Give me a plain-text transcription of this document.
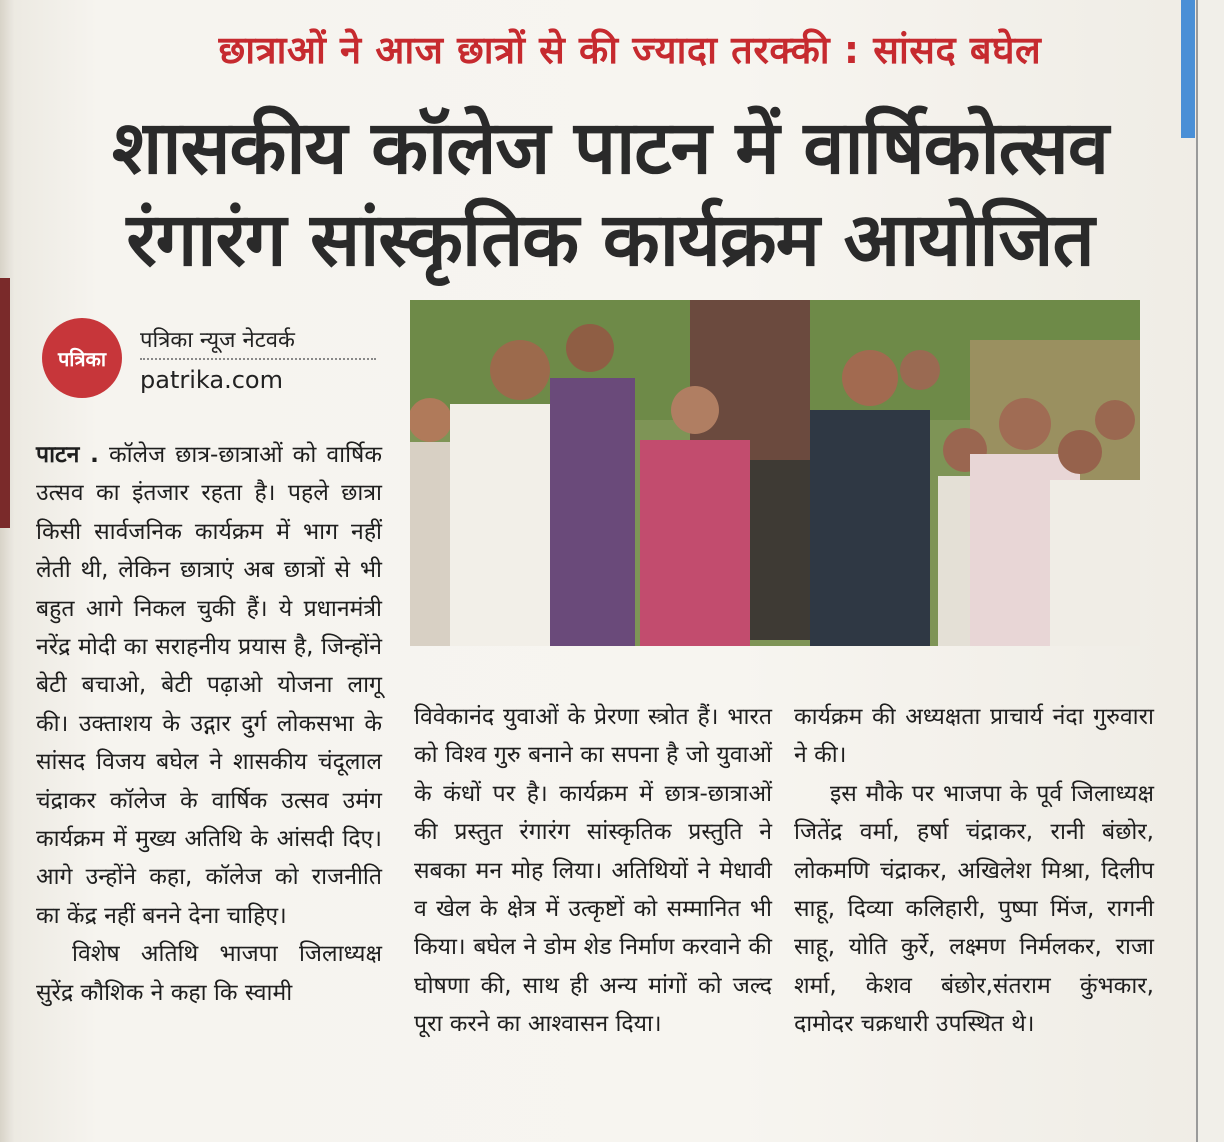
छात्राओं ने आज छात्रों से की ज्यादा तरक्की : सांसद बघेल
शासकीय कॉलेज पाटन में वार्षिकोत्सव
रंगारंग सांस्कृतिक कार्यक्रम आयोजित
पत्रिका
पत्रिका न्यूज नेटवर्क
patrika.com

पाटन . कॉलेज छात्र-छात्राओं को वार्षिक उत्सव का इंतजार रहता है। पहले छात्रा किसी सार्वजनिक कार्यक्रम में भाग नहीं लेती थी, लेकिन छात्राएं अब छात्रों से भी बहुत आगे निकल चुकी हैं। ये प्रधानमंत्री नरेंद्र मोदी का सराहनीय प्रयास है, जिन्होंने बेटी बचाओ, बेटी पढ़ाओ योजना लागू की। उक्ताशय के उद्गार दुर्ग लोकसभा के सांसद विजय बघेल ने शासकीय चंदूलाल चंद्राकर कॉलेज के वार्षिक उत्सव उमंग कार्यक्रम में मुख्य अतिथि के आंसदी दिए। आगे उन्होंने कहा, कॉलेज को राजनीति का केंद्र नहीं बनने देना चाहिए।

विशेष अतिथि भाजपा जिलाध्यक्ष सुरेंद्र कौशिक ने कहा कि स्वामी

विवेकानंद युवाओं के प्रेरणा स्त्रोत हैं। भारत को विश्व गुरु बनाने का सपना है जो युवाओं के कंधों पर है। कार्यक्रम में छात्र-छात्राओं की प्रस्तुत रंगारंग सांस्कृतिक प्रस्तुति ने सबका मन मोह लिया। अतिथियों ने मेधावी व खेल के क्षेत्र में उत्कृष्टों को सम्मानित भी किया। बघेल ने डोम शेड निर्माण करवाने की घोषणा की, साथ ही अन्य मांगों को जल्द पूरा करने का आश्वासन दिया।

कार्यक्रम की अध्यक्षता प्राचार्य नंदा गुरुवारा ने की।

इस मौके पर भाजपा के पूर्व जिलाध्यक्ष जितेंद्र वर्मा, हर्षा चंद्राकर, रानी बंछोर, लोकमणि चंद्राकर, अखिलेश मिश्रा, दिलीप साहू, दिव्या कलिहारी, पुष्पा मिंज, रागनी साहू, योति कुर्रे, लक्ष्मण निर्मलकर, राजा शर्मा, केशव बंछोर,संतराम कुंभकार, दामोदर चक्रधारी उपस्थित थे।
